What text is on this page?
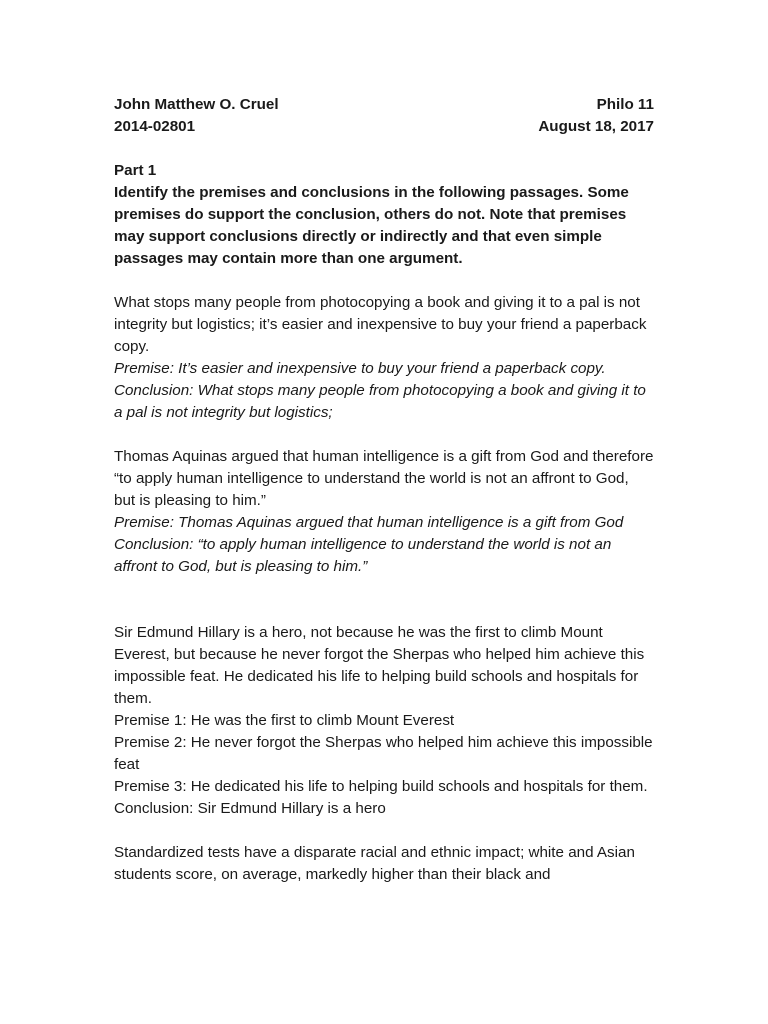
John Matthew O. Cruel	Philo 11
2014-02801	August 18, 2017

Part 1

Identify the premises and conclusions in the following passages. Some premises do support the conclusion, others do not. Note that premises may support conclusions directly or indirectly and that even simple passages may contain more than one argument.

What stops many people from photocopying a book and giving it to a pal is not integrity but logistics; it’s easier and inexpensive to buy your friend a paperback copy.

Premise: It’s easier and inexpensive to buy your friend a paperback copy.

Conclusion: What stops many people from photocopying a book and giving it to a pal is not integrity but logistics;

Thomas Aquinas argued that human intelligence is a gift from God and therefore “to apply human intelligence to understand the world is not an affront to God, but is pleasing to him.”

Premise: Thomas Aquinas argued that human intelligence is a gift from God

Conclusion: “to apply human intelligence to understand the world is not an affront to God, but is pleasing to him.”

Sir Edmund Hillary is a hero, not because he was the first to climb Mount Everest, but because he never forgot the Sherpas who helped him achieve this impossible feat. He dedicated his life to helping build schools and hospitals for them.

Premise 1: He was the first to climb Mount Everest

Premise 2: He never forgot the Sherpas who helped him achieve this impossible feat

Premise 3: He dedicated his life to helping build schools and hospitals for them.

Conclusion: Sir Edmund Hillary is a hero

Standardized tests have a disparate racial and ethnic impact; white and Asian students score, on average, markedly higher than their black and
